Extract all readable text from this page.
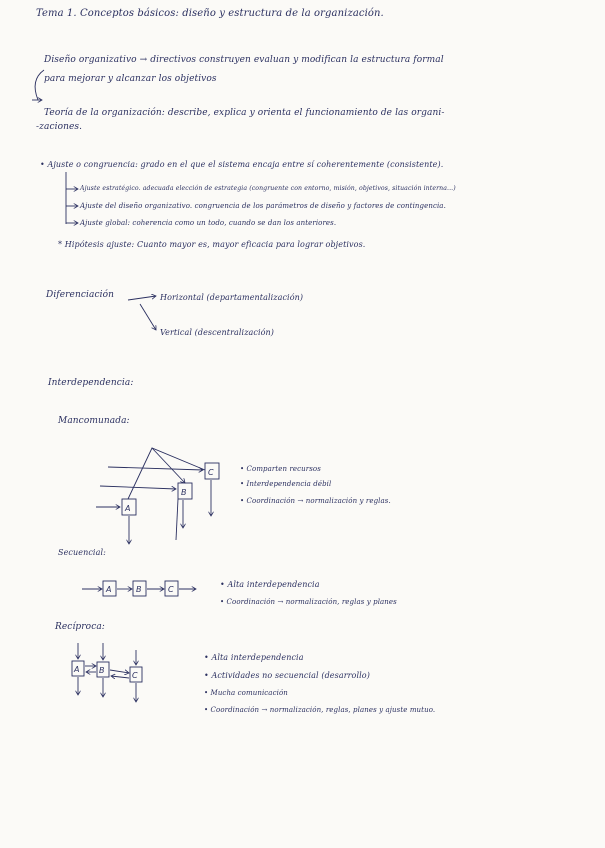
Tema 1. Conceptos básicos: diseño y estructura de la organización.
Diseño organizativo → directivos construyen evaluan y modifican la estructura formal
para mejorar y alcanzar los objetivos
Teoría de la organización: describe, explica y orienta el funcionamiento de las organi-
-zaciones.
• Ajuste o congruencia: grado en el que el sistema encaja entre sí coherentemente (consistente).
Ajuste estratégico. adecuada elección de estrategia (congruente con entorno, misión, objetivos, situación interna...)
Ajuste del diseño organizativo. congruencia de los parámetros de diseño y factores de contingencia.
Ajuste global: coherencia como un todo, cuando se dan los anteriores.
* Hipótesis ajuste: Cuanto mayor es, mayor eficacia para lograr objetivos.
Diferenciación	Horizontal (departamentalización)
Vertical (descentralización)
Interdependencia:
Mancomunada:
• Comparten recursos
• Interdependencia débil
• Coordinación → normalización y reglas.
Secuencial:
• Alta interdependencia
• Coordinación → normalización, reglas y planes
Recíproca:
• Alta interdependencia
• Actividades no secuencial (desarrollo)
• Mucha comunicación
• Coordinación → normalización, reglas, planes y ajuste mutuo.
A
B
C
A	B	C
A B
C
